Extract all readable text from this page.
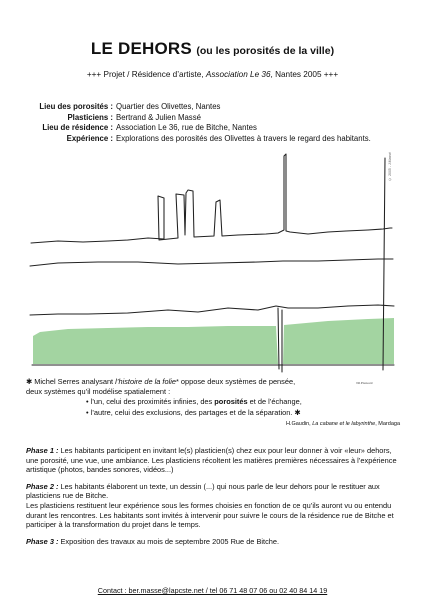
LE DEHORS (ou les porosités de la ville)
+++ Projet / Résidence d’artiste, Association Le 36, Nantes 2005 +++
Lieu des porosités : Quartier des Olivettes, Nantes
Plasticiens : Bertrand & Julien Massé
Lieu de résidence : Association Le 36, rue de Bitche, Nantes
Expérience : Explorations des porosités des Olivettes à travers le regard des habitants.
© 2005 - J.Massé
Vill.Piscuurd
✱ Michel Serres analysant l’histoire de la folie* oppose deux systèmes de pensée,
deux systèmes qu’il modélise spatialement :
• l’un, celui des proximités infinies, des porosités et de l’échange,
• l’autre, celui des exclusions, des partages et de la séparation. ✱
H.Gaudin, La cabane et le labyrinthe, Mardaga

Phase 1 : Les habitants participent en invitant le(s) plasticien(s) chez eux pour leur donner à voir «leur» dehors, une porosité, une vue, une ambiance. Les plasticiens récoltent les matières premières nécessaires à l’expérience artistique (photos, bandes sonores, vidéos...)

Phase 2 : Les habitants élaborent un texte, un dessin (...) qui nous parle de leur dehors pour le restituer aux plasticiens rue de Bitche.
Les plasticiens restituent leur expérience sous les formes choisies en fonction de ce qu’ils auront vu ou entendu durant les rencontres. Les habitants sont invités à intervenir pour suivre le cours de la résidence rue de Bitche et participer à la transformation du projet dans le temps.

Phase 3 : Exposition des travaux au mois de septembre 2005 Rue de Bitche.

Contact : ber.masse@lapcste.net / tel 06 71 48 07 06 ou 02 40 84 14 19
